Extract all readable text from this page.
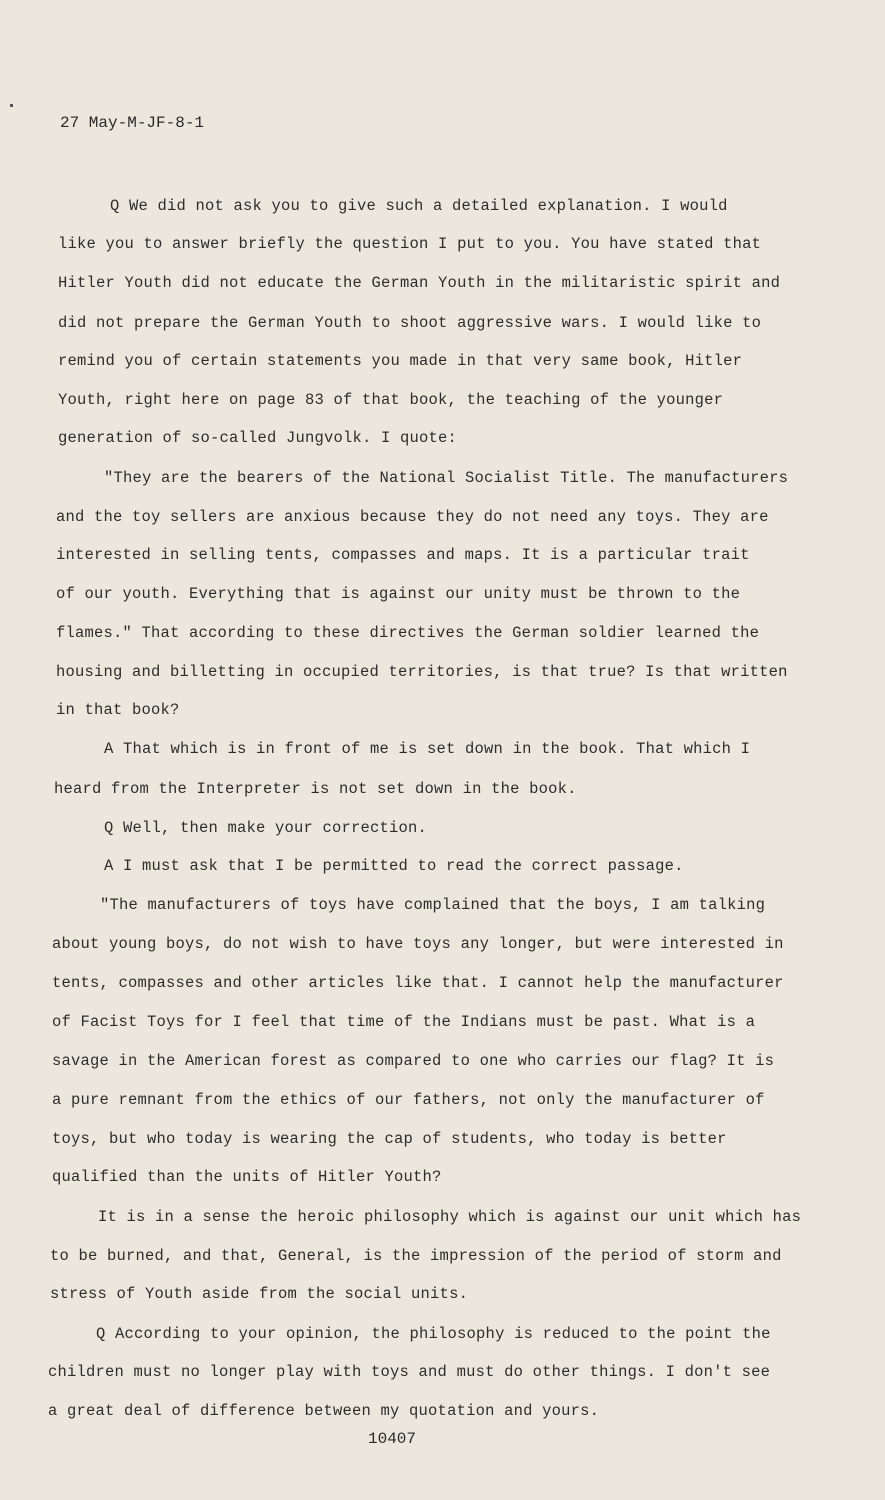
27 May-M-JF-8-1
Q We did not ask you to give such a detailed explanation. I would
like you to answer briefly the question I put to you. You have stated that
Hitler Youth did not educate the German Youth in the militaristic spirit and
did not prepare the German Youth to shoot aggressive wars. I would like to
remind you of certain statements you made in that very same book, Hitler
Youth, right here on page 83 of that book, the teaching of the younger
generation of so-called Jungvolk. I quote:
"They are the bearers of the National Socialist Title. The manufacturers
and the toy sellers are anxious because they do not need any toys. They are
interested in selling tents, compasses and maps. It is a particular trait
of our youth. Everything that is against our unity must be thrown to the
flames." That according to these directives the German soldier learned the
housing and billetting in occupied territories, is that true? Is that written
in that book?
A That which is in front of me is set down in the book. That which I
heard from the Interpreter is not set down in the book.
Q Well, then make your correction.
A I must ask that I be permitted to read the correct passage.
"The manufacturers of toys have complained that the boys, I am talking
about young boys, do not wish to have toys any longer, but were interested in
tents, compasses and other articles like that. I cannot help the manufacturer
of Facist Toys for I feel that time of the Indians must be past. What is a
savage in the American forest as compared to one who carries our flag? It is
a pure remnant from the ethics of our fathers, not only the manufacturer of
toys, but who today is wearing the cap of students, who today is better
qualified than the units of Hitler Youth?
It is in a sense the heroic philosophy which is against our unit which has
to be burned, and that, General, is the impression of the period of storm and
stress of Youth aside from the social units.
Q According to your opinion, the philosophy is reduced to the point the
children must no longer play with toys and must do other things. I don't see
a great deal of difference between my quotation and yours.
10407
